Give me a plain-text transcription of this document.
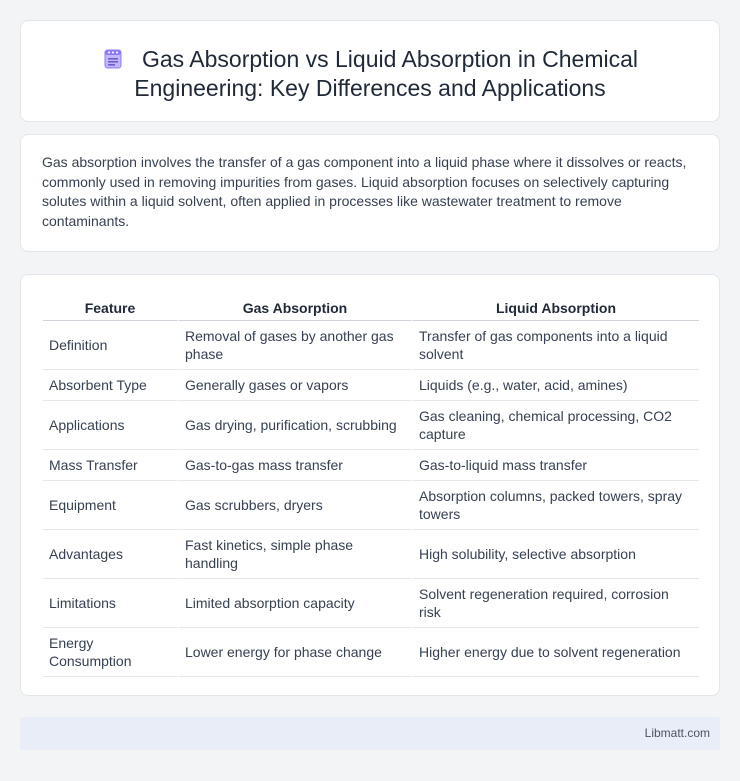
Gas Absorption vs Liquid Absorption in Chemical Engineering: Key Differences and Applications

Gas absorption involves the transfer of a gas component into a liquid phase where it dissolves or reacts, commonly used in removing impurities from gases. Liquid absorption focuses on selectively capturing solutes within a liquid solvent, often applied in processes like wastewater treatment to remove contaminants.

Feature	Gas Absorption	Liquid Absorption
Definition	Removal of gases by another gas phase	Transfer of gas components into a liquid solvent
Absorbent Type	Generally gases or vapors	Liquids (e.g., water, acid, amines)
Applications	Gas drying, purification, scrubbing	Gas cleaning, chemical processing, CO2 capture
Mass Transfer	Gas-to-gas mass transfer	Gas-to-liquid mass transfer
Equipment	Gas scrubbers, dryers	Absorption columns, packed towers, spray towers
Advantages	Fast kinetics, simple phase handling	High solubility, selective absorption
Limitations	Limited absorption capacity	Solvent regeneration required, corrosion risk
Energy Consumption	Lower energy for phase change	Higher energy due to solvent regeneration
Libmatt.com
